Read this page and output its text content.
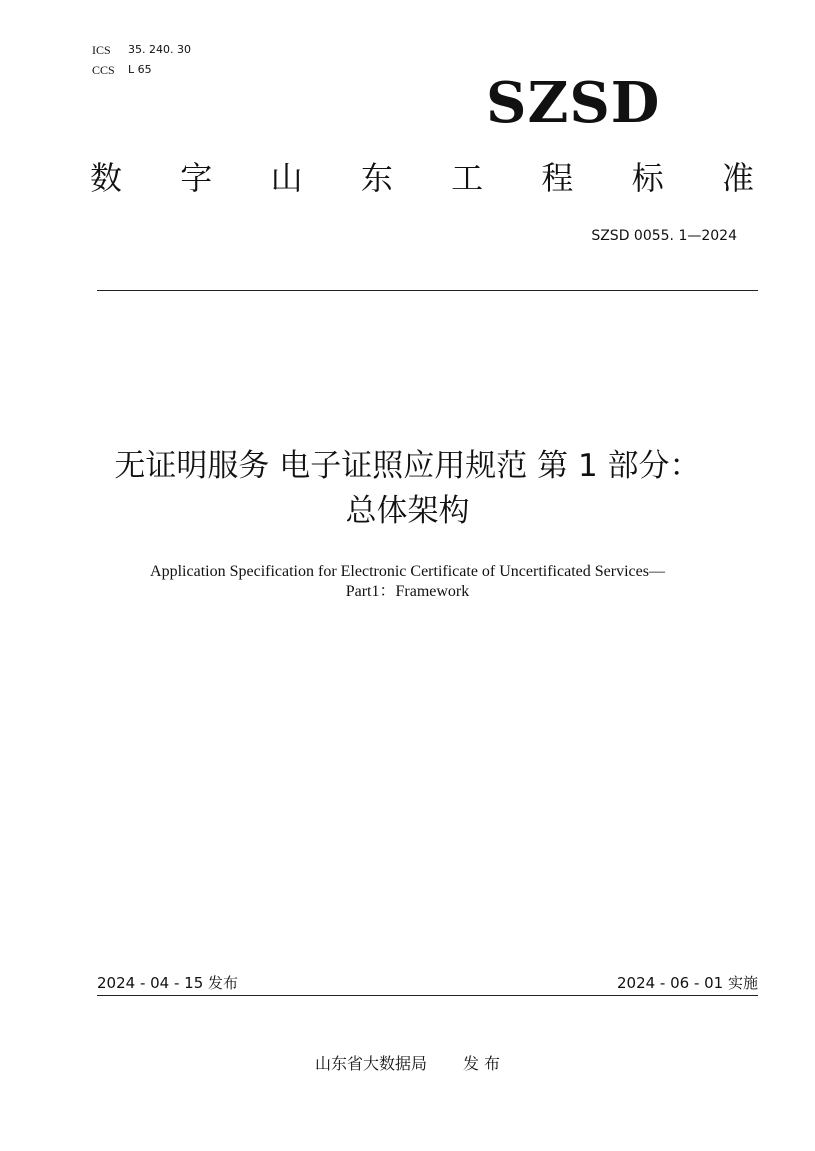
ICS	35. 240. 30
CCS	L 65
SZSD
数 字 山 东 工 程 标 准
SZSD 0055. 1—2024
无证明服务 电子证照应用规范 第 1 部分：
总体架构
Application Specification for Electronic Certificate of Uncertificated Services—
Part1：Framework
2024 - 04 - 15 发布	2024 - 06 - 01 实施
山东省大数据局 发 布
